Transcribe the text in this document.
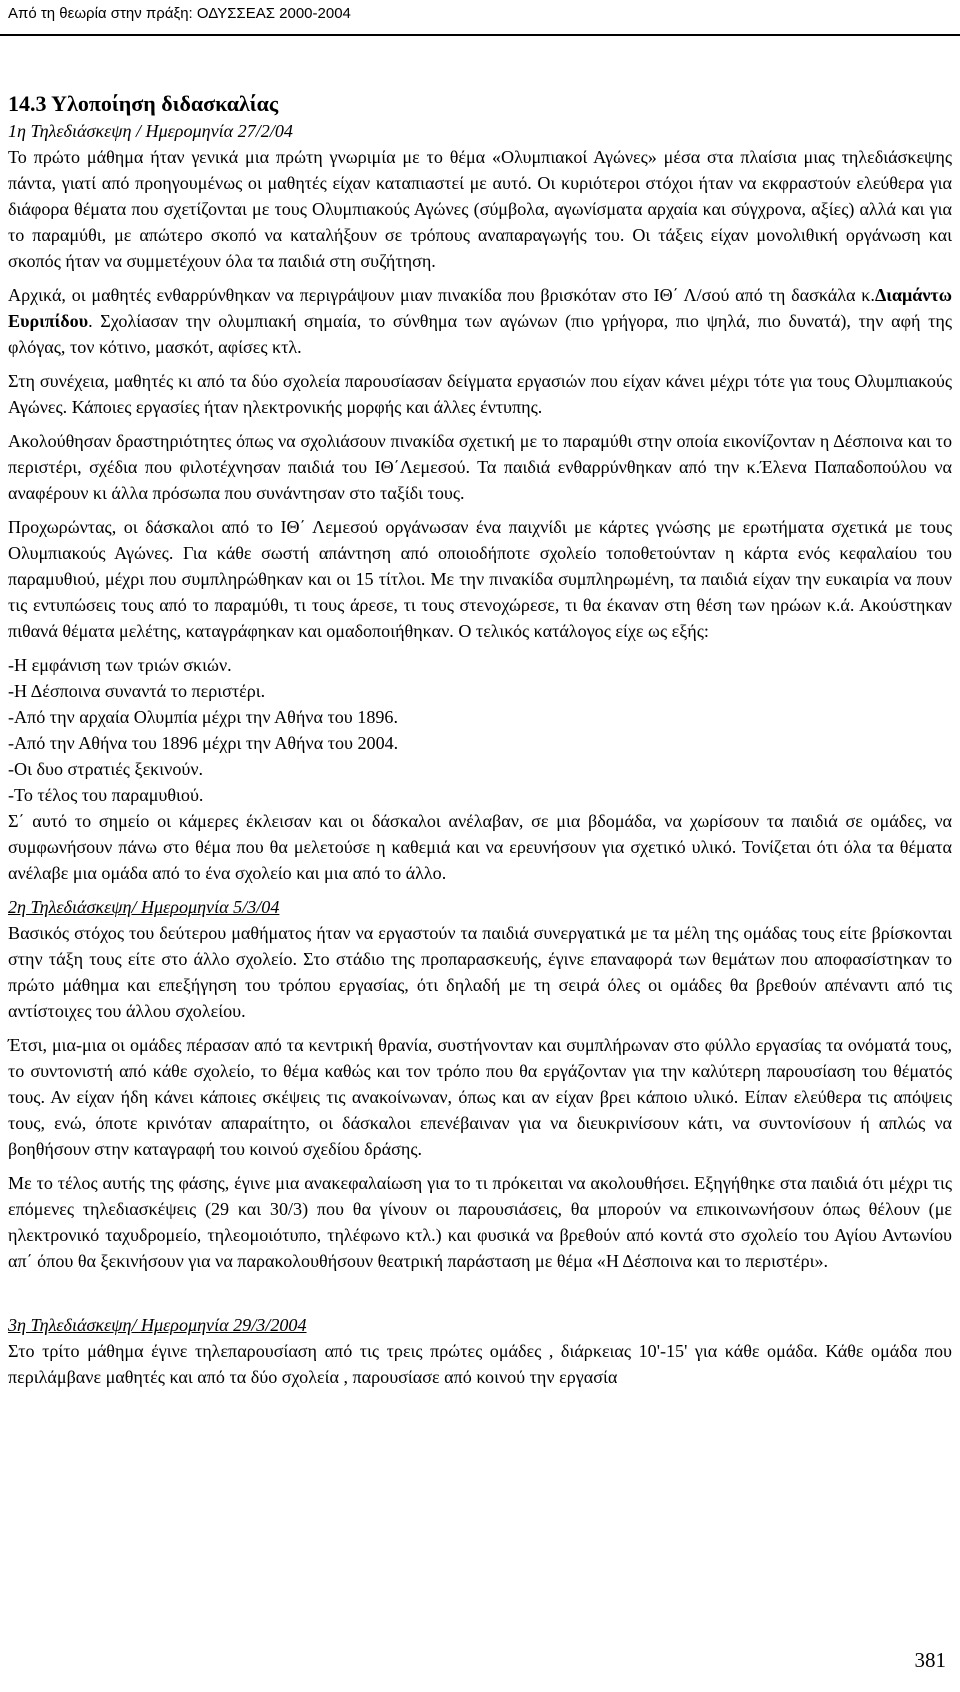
Από τη θεωρία στην πράξη: ΟΔΥΣΣΕΑΣ 2000-2004
14.3 Υλοποίηση διδασκαλίας
1η Τηλεδιάσκεψη / Ημερομηνία 27/2/04

Το πρώτο μάθημα ήταν γενικά μια πρώτη γνωριμία με το θέμα «Ολυμπιακοί Αγώνες» μέσα στα πλαίσια μιας τηλεδιάσκεψης πάντα, γιατί από προηγουμένως οι μαθητές είχαν καταπιαστεί με αυτό. Οι κυριότεροι στόχοι ήταν να εκφραστούν ελεύθερα για διάφορα θέματα που σχετίζονται με τους Ολυμπιακούς Αγώνες (σύμβολα, αγωνίσματα αρχαία και σύγχρονα, αξίες) αλλά και για το παραμύθι, με απώτερο σκοπό να καταλήξουν σε τρόπους αναπαραγωγής του. Οι τάξεις είχαν μονολιθική οργάνωση και σκοπός ήταν να συμμετέχουν όλα τα παιδιά στη συζήτηση.

Αρχικά, οι μαθητές ενθαρρύνθηκαν να περιγράψουν μιαν πινακίδα που βρισκόταν στο ΙΘ΄ Λ/σού από τη δασκάλα κ.Διαμάντω Ευριπίδου. Σχολίασαν την ολυμπιακή σημαία, το σύνθημα των αγώνων (πιο γρήγορα, πιο ψηλά, πιο δυνατά), την αφή της φλόγας, τον κότινο, μασκότ, αφίσες κτλ.

Στη συνέχεια, μαθητές κι από τα δύο σχολεία παρουσίασαν δείγματα εργασιών που είχαν κάνει μέχρι τότε για τους Ολυμπιακούς Αγώνες. Κάποιες εργασίες ήταν ηλεκτρονικής μορφής και άλλες έντυπης.

Ακολούθησαν δραστηριότητες όπως να σχολιάσουν πινακίδα σχετική με το παραμύθι στην οποία εικονίζονταν η Δέσποινα και το περιστέρι, σχέδια που φιλοτέχνησαν παιδιά του ΙΘ΄Λεμεσού. Τα παιδιά ενθαρρύνθηκαν από την κ.Έλενα Παπαδοπούλου να αναφέρουν κι άλλα πρόσωπα που συνάντησαν στο ταξίδι τους.

Προχωρώντας, οι δάσκαλοι από το ΙΘ΄ Λεμεσού οργάνωσαν ένα παιχνίδι με κάρτες γνώσης με ερωτήματα σχετικά με τους Ολυμπιακούς Αγώνες. Για κάθε σωστή απάντηση από οποιοδήποτε σχολείο τοποθετούνταν η κάρτα ενός κεφαλαίου του παραμυθιού, μέχρι που συμπληρώθηκαν και οι 15 τίτλοι. Με την πινακίδα συμπληρωμένη, τα παιδιά είχαν την ευκαιρία να πουν τις εντυπώσεις τους από το παραμύθι, τι τους άρεσε, τι τους στενοχώρεσε, τι θα έκαναν στη θέση των ηρώων κ.ά. Ακούστηκαν πιθανά θέματα μελέτης, καταγράφηκαν και ομαδοποιήθηκαν. Ο τελικός κατάλογος είχε ως εξής:

-Η εμφάνιση των τριών σκιών.
-Η Δέσποινα συναντά το περιστέρι.
-Από την αρχαία Ολυμπία μέχρι την Αθήνα του 1896.
-Από την Αθήνα του 1896 μέχρι την Αθήνα του 2004.
-Οι δυο στρατιές ξεκινούν.
-Το τέλος του παραμυθιού.

Σ΄ αυτό το σημείο οι κάμερες έκλεισαν και οι δάσκαλοι ανέλαβαν, σε μια βδομάδα, να χωρίσουν τα παιδιά σε ομάδες, να συμφωνήσουν πάνω στο θέμα που θα μελετούσε η καθεμιά και να ερευνήσουν για σχετικό υλικό. Τονίζεται ότι όλα τα θέματα ανέλαβε μια ομάδα από το ένα σχολείο και μια από το άλλο.

2η Τηλεδιάσκεψη/ Ημερομηνία 5/3/04

Βασικός στόχος του δεύτερου μαθήματος ήταν να εργαστούν τα παιδιά συνεργατικά με τα μέλη της ομάδας τους είτε βρίσκονται στην τάξη τους είτε στο άλλο σχολείο. Στο στάδιο της προπαρασκευής, έγινε επαναφορά των θεμάτων που αποφασίστηκαν το πρώτο μάθημα και επεξήγηση του τρόπου εργασίας, ότι δηλαδή με τη σειρά όλες οι ομάδες θα βρεθούν απέναντι από τις αντίστοιχες του άλλου σχολείου.

Έτσι, μια-μια οι ομάδες πέρασαν από τα κεντρική θρανία, συστήνονταν και συμπλήρωναν στο φύλλο εργασίας τα ονόματά τους, το συντονιστή από κάθε σχολείο, το θέμα καθώς και τον τρόπο που θα εργάζονταν για την καλύτερη παρουσίαση του θέματός τους. Αν είχαν ήδη κάνει κάποιες σκέψεις τις ανακοίνωναν, όπως και αν είχαν βρει κάποιο υλικό. Είπαν ελεύθερα τις απόψεις τους, ενώ, όποτε κρινόταν απαραίτητο, οι δάσκαλοι επενέβαιναν για να διευκρινίσουν κάτι, να συντονίσουν ή απλώς να βοηθήσουν στην καταγραφή του κοινού σχεδίου δράσης.

Με το τέλος αυτής της φάσης, έγινε μια ανακεφαλαίωση για το τι πρόκειται να ακολουθήσει. Εξηγήθηκε στα παιδιά ότι μέχρι τις επόμενες τηλεδιασκέψεις (29 και 30/3) που θα γίνουν οι παρουσιάσεις, θα μπορούν να επικοινωνήσουν όπως θέλουν (με ηλεκτρονικό ταχυδρομείο, τηλεομοιότυπο, τηλέφωνο κτλ.) και φυσικά να βρεθούν από κοντά στο σχολείο του Αγίου Αντωνίου απ΄ όπου θα ξεκινήσουν για να παρακολουθήσουν θεατρική παράσταση με θέμα «Η Δέσποινα και το περιστέρι».

3η Τηλεδιάσκεψη/ Ημερομηνία 29/3/2004

Στο τρίτο μάθημα έγινε τηλεπαρουσίαση από τις τρεις πρώτες ομάδες , διάρκειας 10'-15' για κάθε ομάδα. Κάθε ομάδα που περιλάμβανε μαθητές και από τα δύο σχολεία , παρουσίασε από κοινού την εργασία

381
